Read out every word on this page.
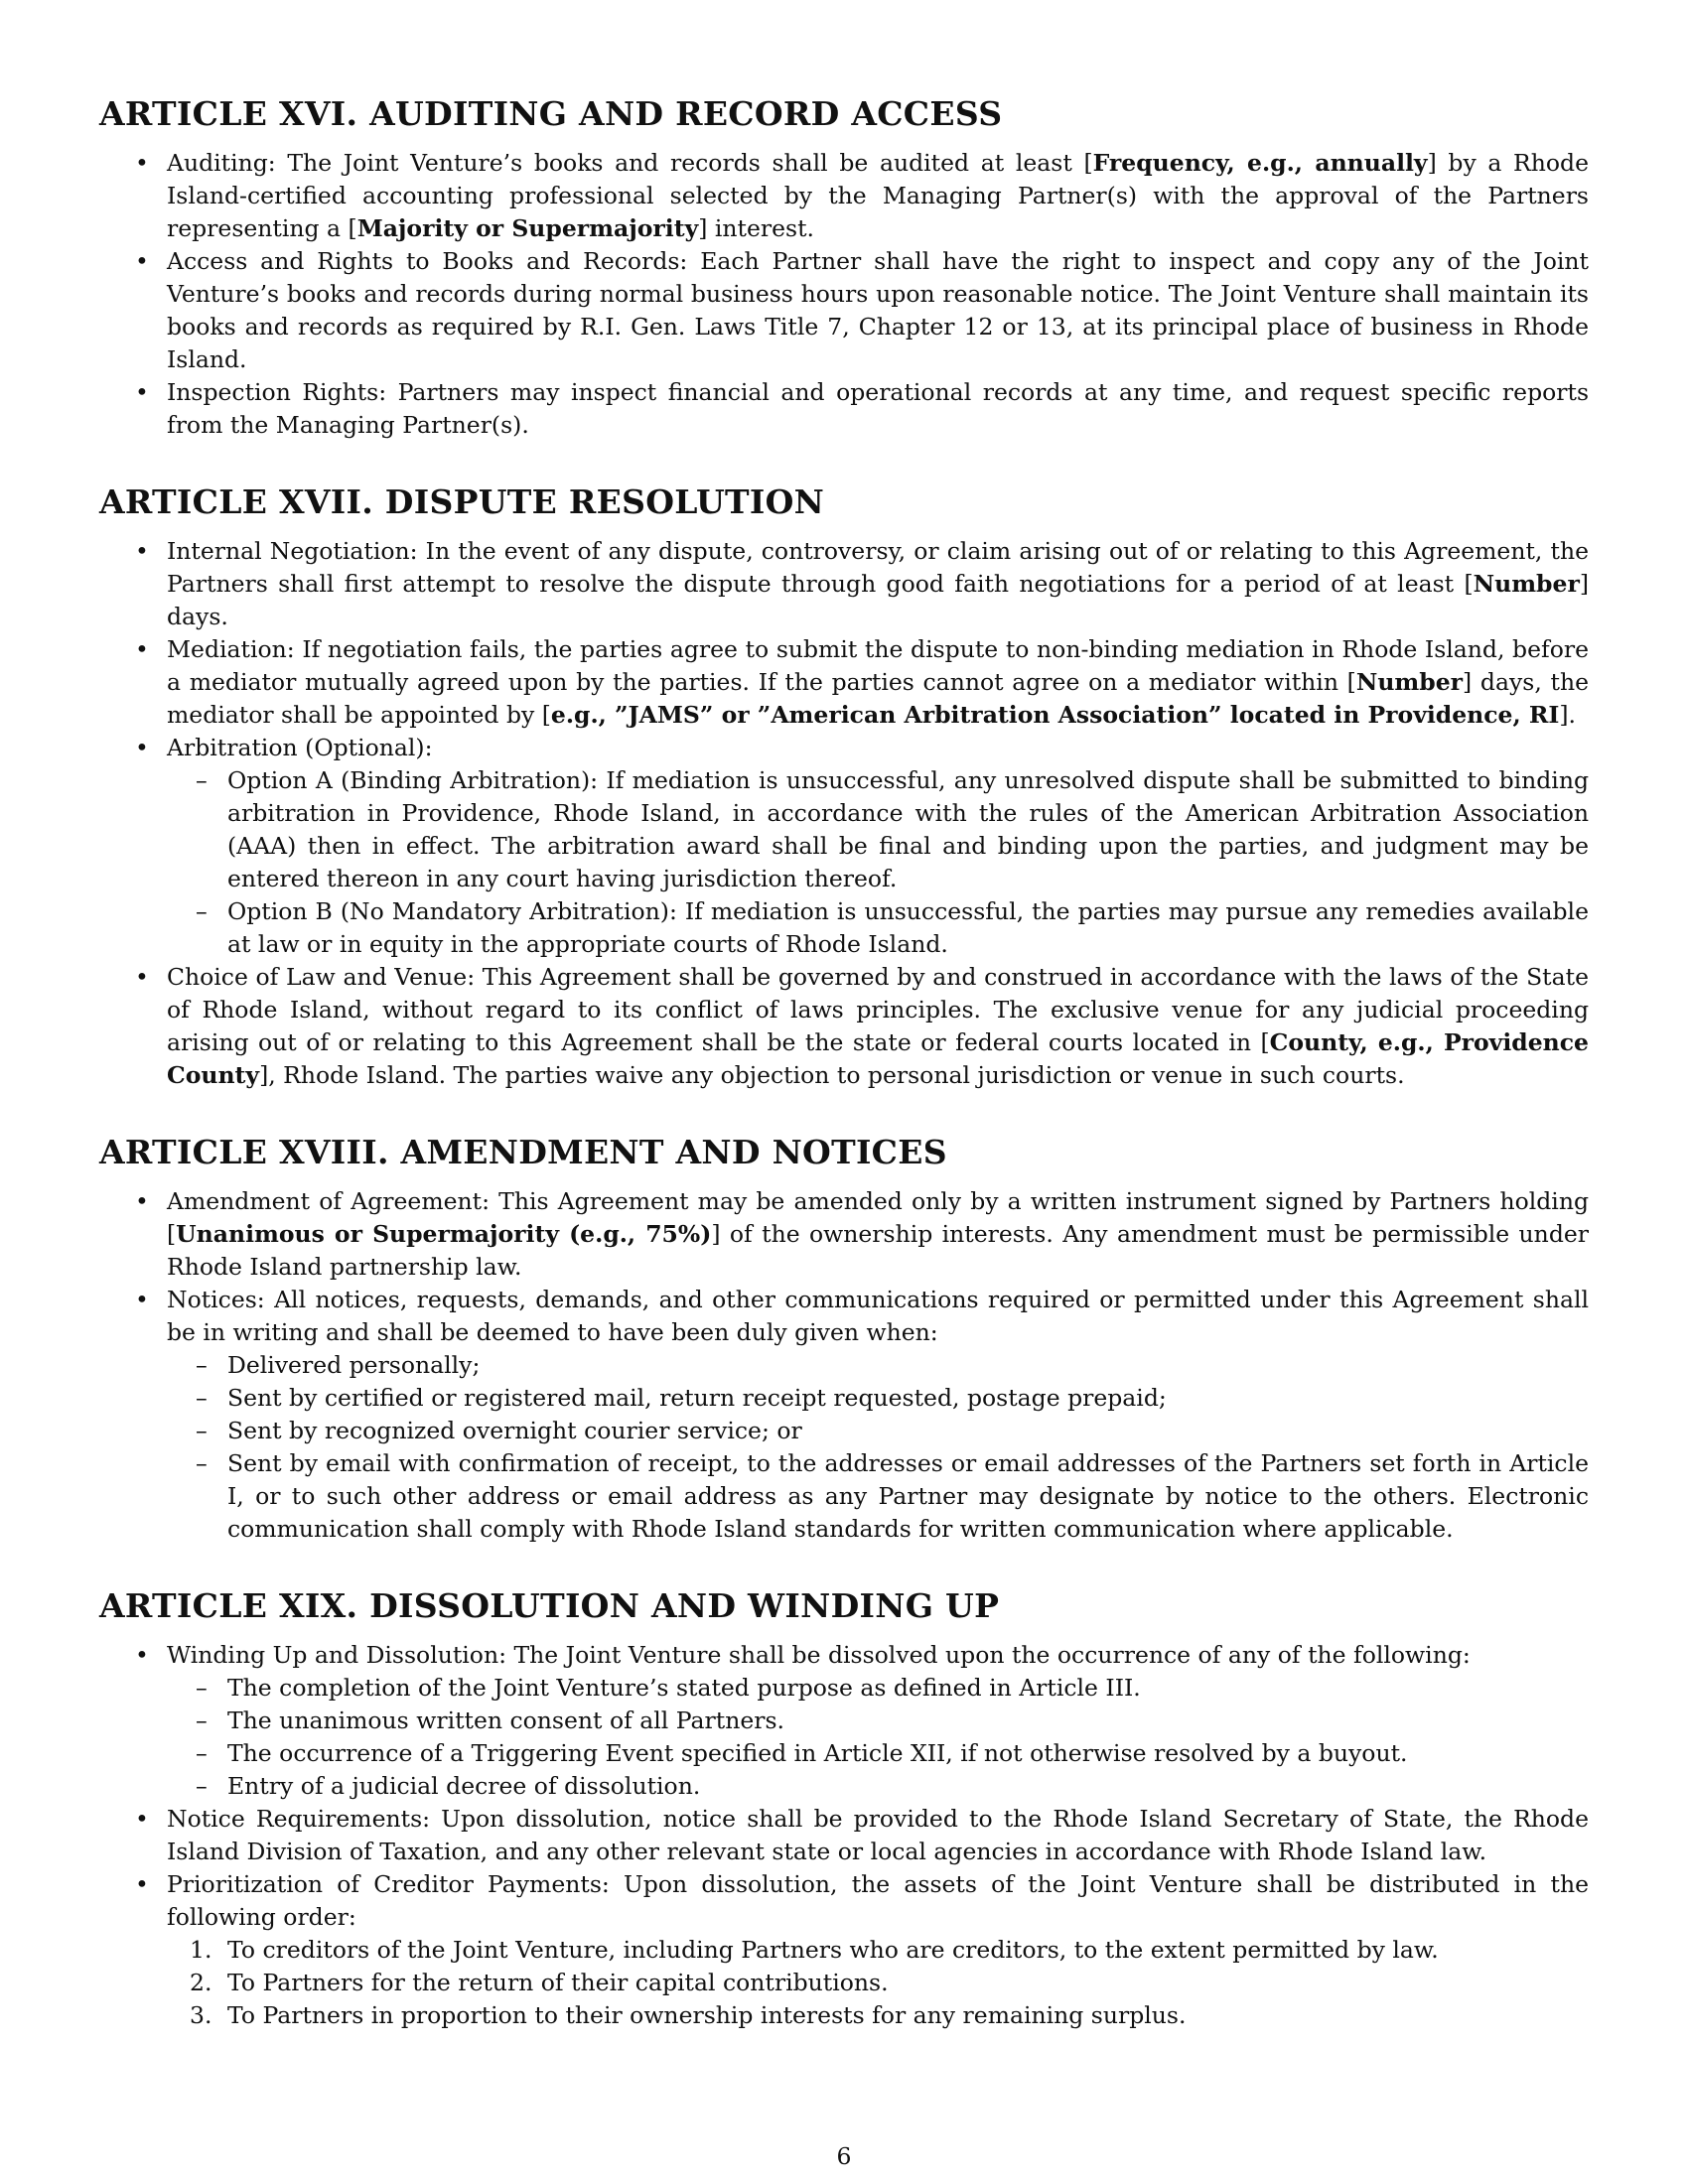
ARTICLE XVI. AUDITING AND RECORD ACCESS
• Auditing: The Joint Venture’s books and records shall be audited at least [Frequency, e.g., annually] by a Rhode Island-certified accounting professional selected by the Managing Partner(s) with the approval of the Partners representing a [Majority or Supermajority] interest.
• Access and Rights to Books and Records: Each Partner shall have the right to inspect and copy any of the Joint Venture’s books and records during normal business hours upon reasonable notice. The Joint Venture shall maintain its books and records as required by R.I. Gen. Laws Title 7, Chapter 12 or 13, at its principal place of business in Rhode Island.
• Inspection Rights: Partners may inspect financial and operational records at any time, and request specific reports from the Managing Partner(s).
ARTICLE XVII. DISPUTE RESOLUTION
• Internal Negotiation: In the event of any dispute, controversy, or claim arising out of or relating to this Agreement, the Partners shall first attempt to resolve the dispute through good faith negotiations for a period of at least [Number] days.
• Mediation: If negotiation fails, the parties agree to submit the dispute to non-binding mediation in Rhode Island, before a mediator mutually agreed upon by the parties. If the parties cannot agree on a mediator within [Number] days, the mediator shall be appointed by [e.g., ”JAMS” or ”American Arbitration Association” located in Providence, RI].
• Arbitration (Optional):
– Option A (Binding Arbitration): If mediation is unsuccessful, any unresolved dispute shall be submitted to binding arbitration in Providence, Rhode Island, in accordance with the rules of the American Arbitration Association (AAA) then in effect. The arbitration award shall be final and binding upon the parties, and judgment may be entered thereon in any court having jurisdiction thereof.
– Option B (No Mandatory Arbitration): If mediation is unsuccessful, the parties may pursue any remedies available at law or in equity in the appropriate courts of Rhode Island.
• Choice of Law and Venue: This Agreement shall be governed by and construed in accordance with the laws of the State of Rhode Island, without regard to its conflict of laws principles. The exclusive venue for any judicial proceeding arising out of or relating to this Agreement shall be the state or federal courts located in [County, e.g., Providence County], Rhode Island. The parties waive any objection to personal jurisdiction or venue in such courts.
ARTICLE XVIII. AMENDMENT AND NOTICES
• Amendment of Agreement: This Agreement may be amended only by a written instrument signed by Partners holding [Unanimous or Supermajority (e.g., 75%)] of the ownership interests. Any amendment must be permissible under Rhode Island partnership law.
• Notices: All notices, requests, demands, and other communications required or permitted under this Agreement shall be in writing and shall be deemed to have been duly given when:
– Delivered personally;
– Sent by certified or registered mail, return receipt requested, postage prepaid;
– Sent by recognized overnight courier service; or
– Sent by email with confirmation of receipt, to the addresses or email addresses of the Partners set forth in Article I, or to such other address or email address as any Partner may designate by notice to the others. Electronic communication shall comply with Rhode Island standards for written communication where applicable.
ARTICLE XIX. DISSOLUTION AND WINDING UP
• Winding Up and Dissolution: The Joint Venture shall be dissolved upon the occurrence of any of the following:
– The completion of the Joint Venture’s stated purpose as defined in Article III.
– The unanimous written consent of all Partners.
– The occurrence of a Triggering Event specified in Article XII, if not otherwise resolved by a buyout.
– Entry of a judicial decree of dissolution.
• Notice Requirements: Upon dissolution, notice shall be provided to the Rhode Island Secretary of State, the Rhode Island Division of Taxation, and any other relevant state or local agencies in accordance with Rhode Island law.
• Prioritization of Creditor Payments: Upon dissolution, the assets of the Joint Venture shall be distributed in the following order:
1. To creditors of the Joint Venture, including Partners who are creditors, to the extent permitted by law.
2. To Partners for the return of their capital contributions.
3. To Partners in proportion to their ownership interests for any remaining surplus.
6
